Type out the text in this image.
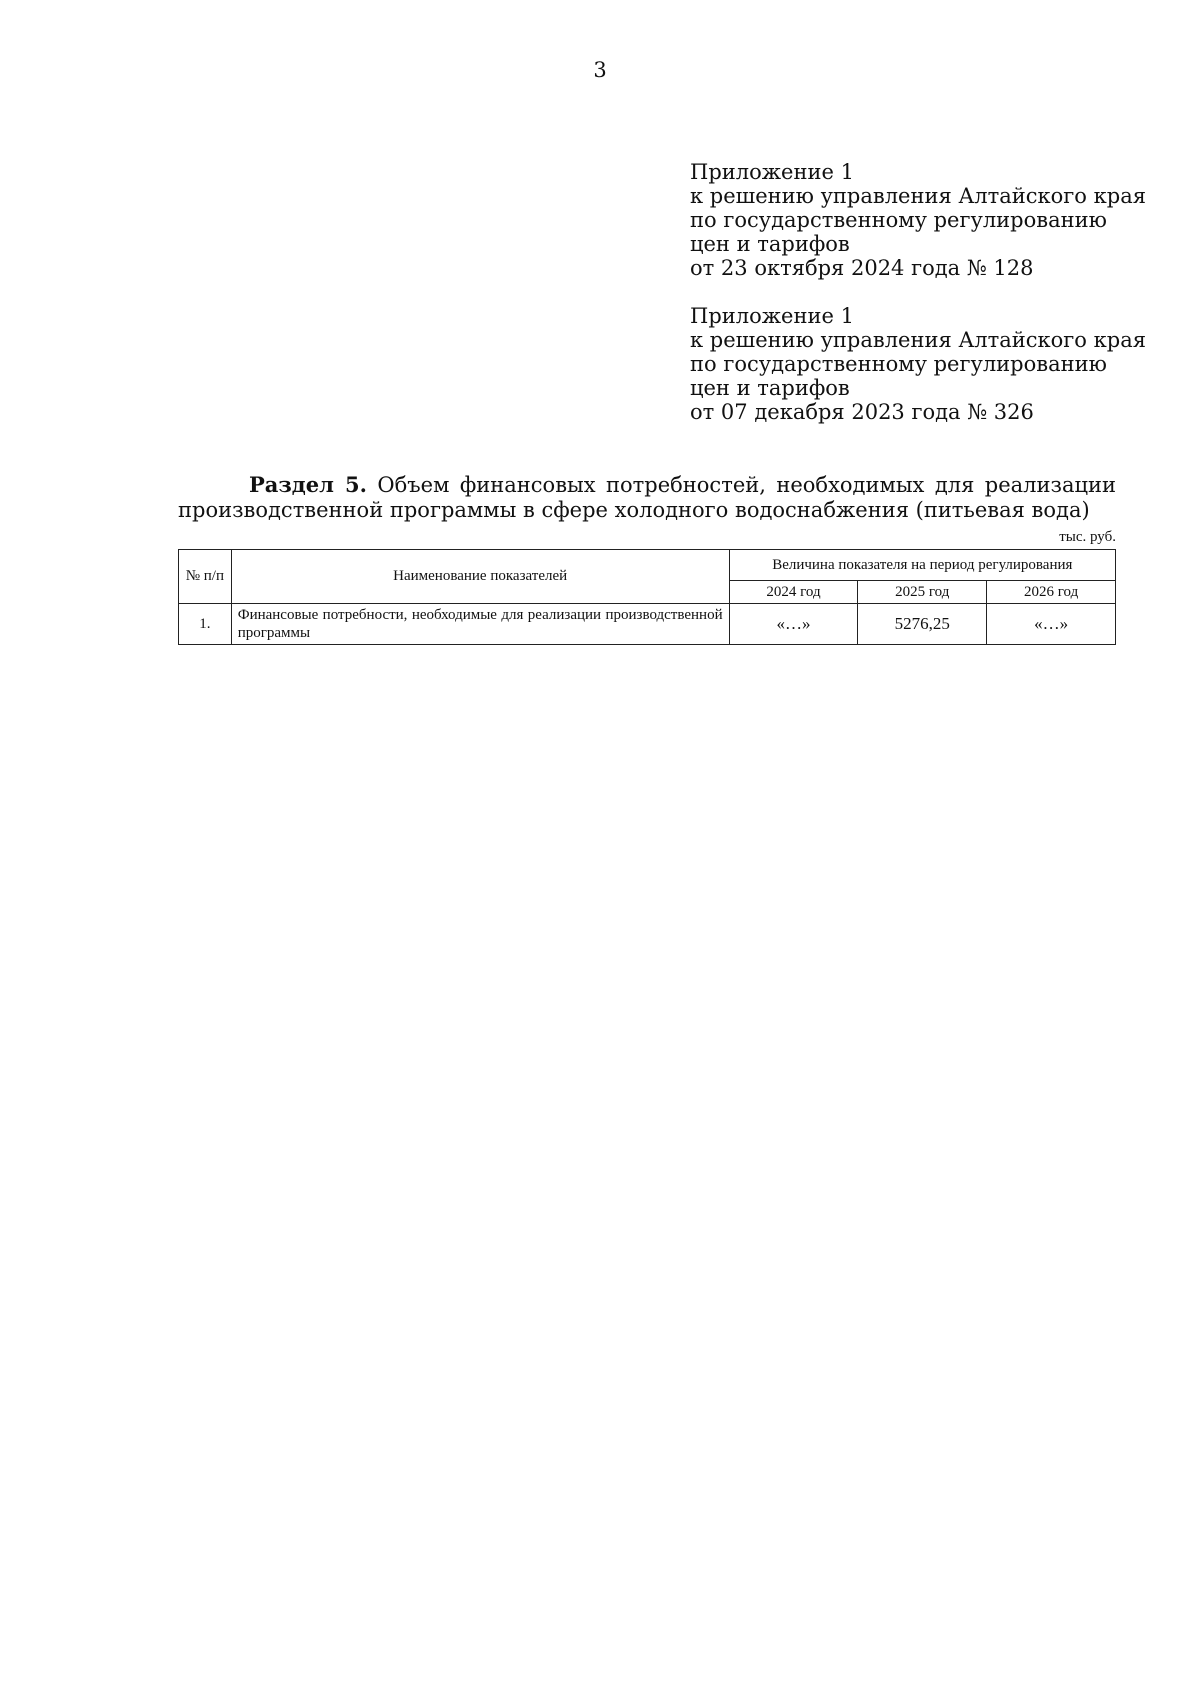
3
Приложение 1
к решению управления Алтайского края
по государственному регулированию
цен и тарифов
от 23 октября 2024 года № 128
Приложение 1
к решению управления Алтайского края
по государственному регулированию
цен и тарифов
от 07 декабря 2023 года № 326
Раздел 5. Объем финансовых потребностей, необходимых для реализации производственной программы в сфере холодного водоснабжения (питьевая вода)
тыс. руб.
№ п/п	Наименование показателей	Величина показателя на период регулирования		
		2024 год	2025 год	2026 год
1.	Финансовые потребности, необходимые для реализации производственной программы	«…»	5276,25	«…»
